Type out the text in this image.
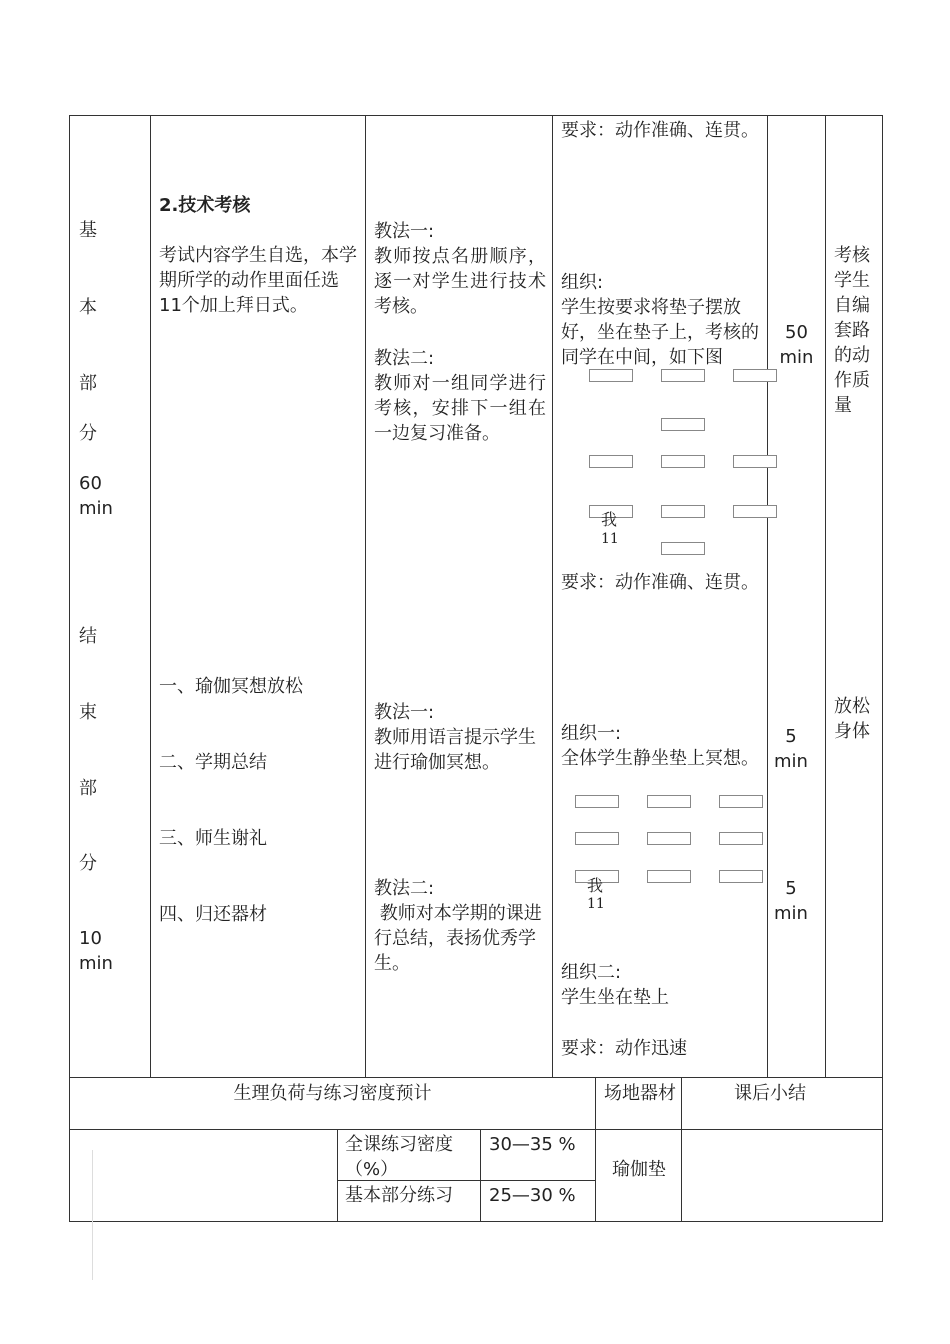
基
本
部
分
60
min
结
束
部
分
10
min
2.技术考核
考试内容学生自选，本学期所学的动作里面任选11个加上拜日式。
一、瑜伽冥想放松
二、学期总结
三、师生谢礼
四、归还器材
教法一:
教师按点名册顺序，逐一对学生进行技术考核。
教法二:
教师对一组同学进行考核，安排下一组在一边复习准备。
教法一:
教师用语言提示学生进行瑜伽冥想。
教法二:
教师对本学期的课进行总结，表扬优秀学生。
要求：动作准确、连贯。
组织:
学生按要求将垫子摆放好，坐在垫子上，考核的同学在中间，如下图
我
11
要求：动作准确、连贯。
组织一:
全体学生静坐垫上冥想。
我
11
组织二:
学生坐在垫上
要求：动作迅速
50
min
5
min
5
min
考核学生自编套路的动作质量
放松身体
生理负荷与练习密度预计	场地器材	课后小结
全课练习密度（%）
30—35 %
基本部分练习 25—30 %
瑜伽垫
